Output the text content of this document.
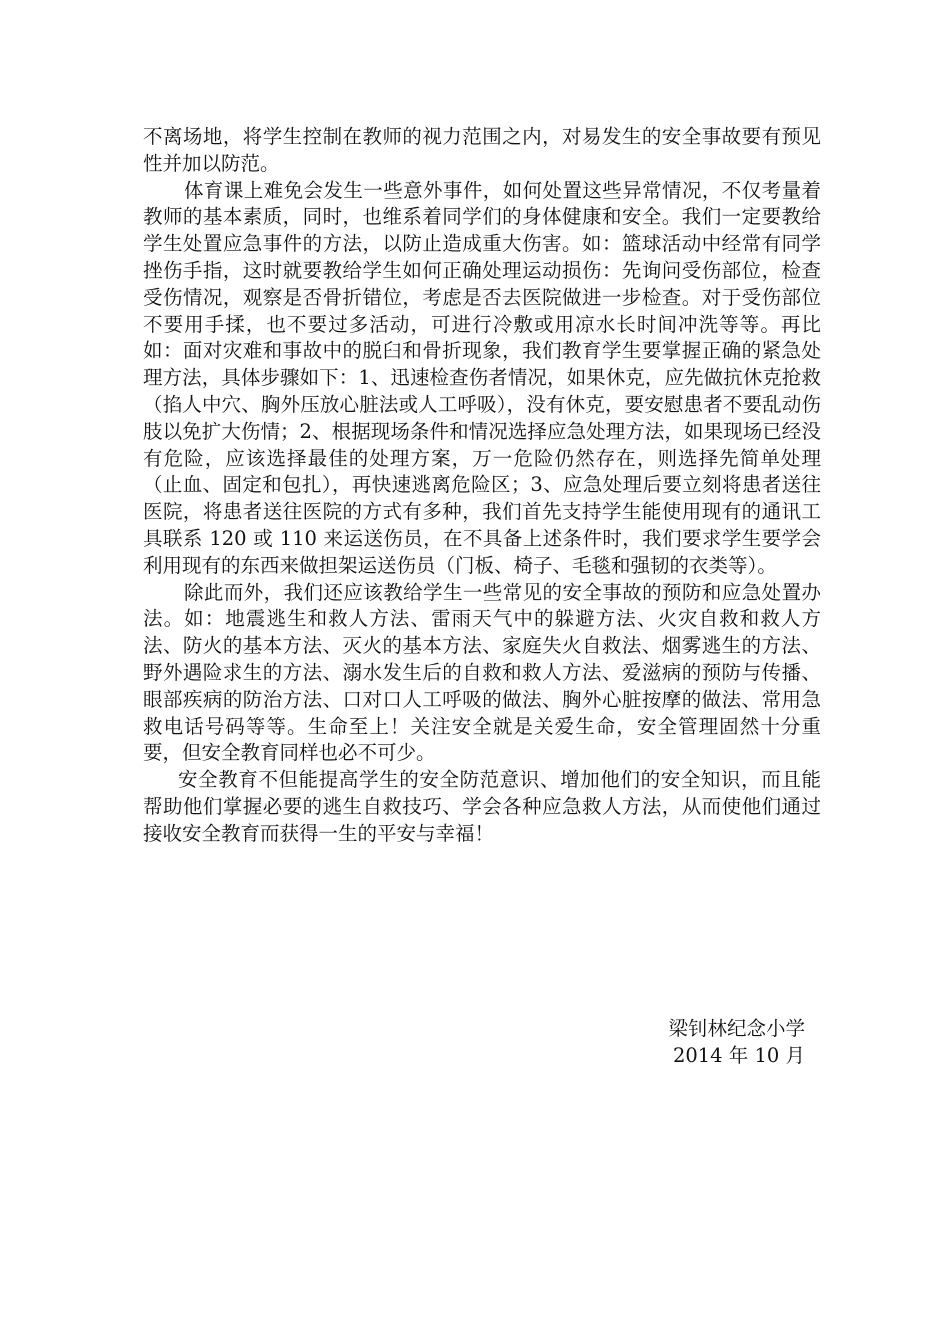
不离场地，将学生控制在教师的视力范围之内，对易发生的安全事故要有预见性并加以防范。

体育课上难免会发生一些意外事件，如何处置这些异常情况，不仅考量着教师的基本素质，同时，也维系着同学们的身体健康和安全。我们一定要教给学生处置应急事件的方法，以防止造成重大伤害。如：篮球活动中经常有同学挫伤手指，这时就要教给学生如何正确处理运动损伤：先询问受伤部位，检查受伤情况，观察是否骨折错位，考虑是否去医院做进一步检查。对于受伤部位不要用手揉，也不要过多活动，可进行冷敷或用凉水长时间冲洗等等。再比如：面对灾难和事故中的脱臼和骨折现象，我们教育学生要掌握正确的紧急处理方法，具体步骤如下：1、迅速检查伤者情况，如果休克，应先做抗休克抢救（掐人中穴、胸外压放心脏法或人工呼吸），没有休克，要安慰患者不要乱动伤肢以免扩大伤情；2、根据现场条件和情况选择应急处理方法，如果现场已经没有危险，应该选择最佳的处理方案，万一危险仍然存在，则选择先简单处理（止血、固定和包扎），再快速逃离危险区；3、应急处理后要立刻将患者送往医院，将患者送往医院的方式有多种，我们首先支持学生能使用现有的通讯工具联系 120 或 110 来运送伤员，在不具备上述条件时，我们要求学生要学会利用现有的东西来做担架运送伤员（门板、椅子、毛毯和强韧的衣类等）。

除此而外，我们还应该教给学生一些常见的安全事故的预防和应急处置办法。如：地震逃生和救人方法、雷雨天气中的躲避方法、火灾自救和救人方法、防火的基本方法、灭火的基本方法、家庭失火自救法、烟雾逃生的方法、野外遇险求生的方法、溺水发生后的自救和救人方法、爱滋病的预防与传播、眼部疾病的防治方法、口对口人工呼吸的做法、胸外心脏按摩的做法、常用急救电话号码等等。生命至上！关注安全就是关爱生命，安全管理固然十分重要，但安全教育同样也必不可少。

安全教育不但能提高学生的安全防范意识、增加他们的安全知识，而且能帮助他们掌握必要的逃生自救技巧、学会各种应急救人方法，从而使他们通过接收安全教育而获得一生的平安与幸福！

梁钊林纪念小学
2014 年 10 月
